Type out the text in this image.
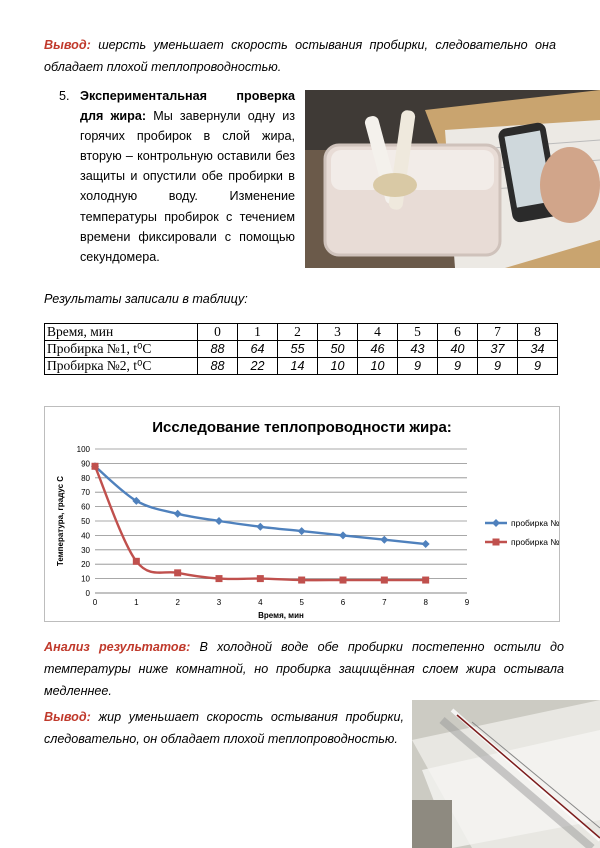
Вывод: шерсть уменьшает скорость остывания пробирки, следовательно она обладает плохой теплопроводностью.
5. Экспериментальная проверка для жира: Мы завернули одну из горячих пробирок в слой жира, вторую – контрольную оставили без защиты и опустили обе пробирки в холодную воду. Изменение температуры пробирок с течением времени фиксировали с помощью секундомера.
Результаты записали в таблицу:
Время, мин	0	1	2	3	4	5	6	7	8
Пробирка №1, t⁰C	88	64	55	50	46	43	40	37	34
Пробирка №2, t⁰C	88	22	14	10	10	9	9	9	9
Исследование теплопроводности жира:
0
10
20
30
40
50
60
70
80
90
100
0	1	2	3	4	5	6	7	8	9
Температура, градус С
Время, мин
пробирка №1
пробирка №2
Анализ результатов: В холодной воде обе пробирки постепенно остыли до температуры ниже комнатной, но пробирка защищённая слоем жира остывала медленнее.
Вывод: жир уменьшает скорость остывания пробирки, следовательно, он обладает плохой теплопроводностью.
